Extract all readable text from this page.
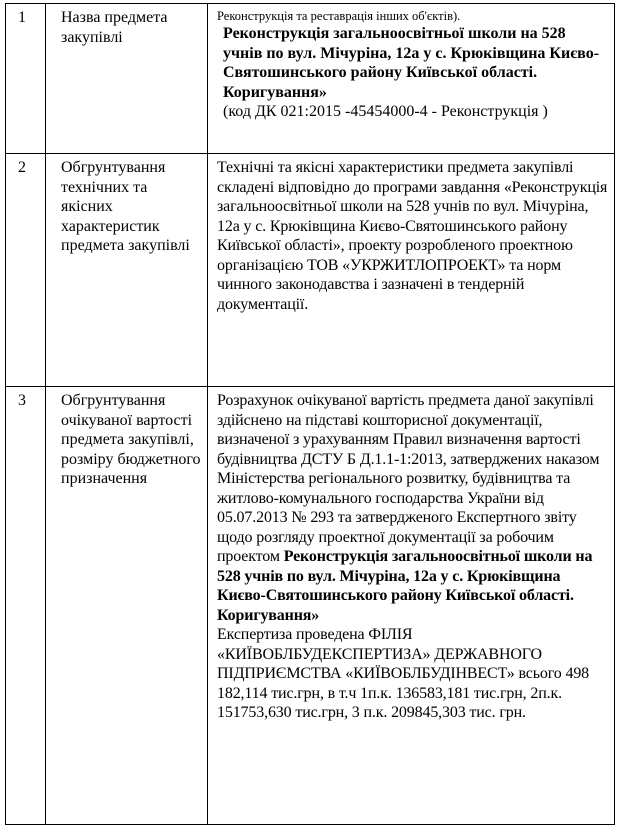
1	Назва предмета закупівлі	Реконструкція та реставрація інших об'єктів).

Реконструкція загальноосвітньої школи на 528 учнів по вул. Мічуріна, 12а у с. Крюківщина Києво-Святошинського району Київської області. Коригування»

(код ДК 021:2015 -45454000-4 - Реконструкція )

2	Обгрунтування технічних та якісних характеристик предмета закупівлі	Технічні та якісні характеристики предмета закупівлі складені відповідно до програми завдання «Реконструкція загальноосвітньої школи на 528 учнів по вул. Мічуріна, 12а у с. Крюківщина Києво-Святошинського району Київської області», проекту розробленого проектною організацією ТОВ «УКРЖИТЛОПРОЕКТ» та норм чинного законодавства і зазначені в тендерній документації.

3	Обгрунтування очікуваної вартості предмета закупівлі, розміру бюджетного призначення	Розрахунок очікуваної вартість предмета даної закупівлі здійснено на підставі кошторисної документації, визначеної з урахуванням Правил визначення вартості будівництва ДСТУ Б Д.1.1-1:2013, затверджених наказом Міністерства регіонального розвитку, будівництва та житлово-комунального господарства України від 05.07.2013 № 293 та затвердженого Експертного звіту щодо розгляду проектної документації за робочим проектом Реконструкція загальноосвітньої школи на 528 учнів по вул. Мічуріна, 12а у с. Крюківщина Києво-Святошинського району Київської області. Коригування»

Експертиза проведена ФІЛІЯ «КИЇВОБЛБУДЕКСПЕРТИЗА» ДЕРЖАВНОГО ПІДПРИЄМСТВА «КИЇВОБЛБУДІНВЕСТ» всього 498 182,114 тис.грн, в т.ч 1п.к. 136583,181 тис.грн, 2п.к. 151753,630 тис.грн, 3 п.к. 209845,303 тис. грн.
